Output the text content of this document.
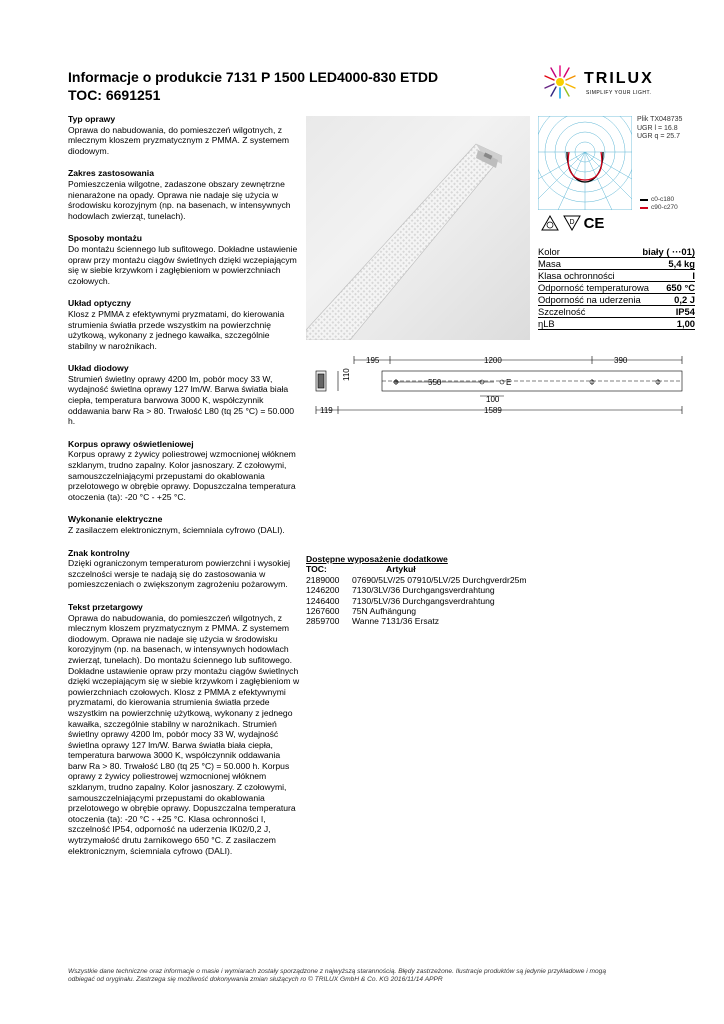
Informacje o produkcie 7131 P 1500 LED4000-830 ETDD
TOC: 6691251
TRILUX
SIMPLIFY YOUR LIGHT.
Typ oprawy

Oprawa do nabudowania, do pomieszczeń wilgotnych, z mlecznym kloszem pryzmatycznym z PMMA. Z systemem diodowym.

Zakres zastosowania

Pomieszczenia wilgotne, zadaszone obszary zewnętrzne nienarażone na opady. Oprawa nie nadaje się użycia w środowisku korozyjnym (np. na basenach, w intensywnych hodowlach zwierząt, tunelach).

Sposoby montażu

Do montażu ściennego lub sufitowego. Dokładne ustawienie opraw przy montażu ciągów świetlnych dzięki wczepiającym się w siebie krzywkom i zagłębieniom w powierzchniach czołowych.

Układ optyczny

Klosz z PMMA z efektywnymi pryzmatami, do kierowania strumienia światła przede wszystkim na powierzchnię użytkową, wykonany z jednego kawałka, szczególnie stabilny w narożnikach.

Układ diodowy

Strumień świetlny oprawy 4200 lm, pobór mocy 33 W, wydajność świetlna oprawy 127 lm/W. Barwa światła biała ciepła, temperatura barwowa 3000 K, współczynnik oddawania barw Ra > 80. Trwałość L80 (tq 25 °C) = 50.000 h.

Korpus oprawy oświetleniowej

Korpus oprawy z żywicy poliestrowej wzmocnionej włóknem szklanym, trudno zapalny. Kolor jasnoszary. Z czołowymi, samouszczelniającymi przepustami do okablowania przelotowego w obrębie oprawy. Dopuszczalna temperatura otoczenia (ta): -20 °C - +25 °C.

Wykonanie elektryczne

Z zasilaczem elektronicznym, ściemniala cyfrowo (DALI).

Znak kontrolny

Dzięki ograniczonym temperaturom powierzchni i wysokiej szczelności wersje te nadają się do zastosowania w pomieszczeniach o zwiększonym zagrożeniu pożarowym.

Tekst przetargowy

Oprawa do nabudowania, do pomieszczeń wilgotnych, z mlecznym kloszem pryzmatycznym z PMMA. Z systemem diodowym. Oprawa nie nadaje się użycia w środowisku korozyjnym (np. na basenach, w intensywnych hodowlach zwierząt, tunelach). Do montażu ściennego lub sufitowego. Dokładne ustawienie opraw przy montażu ciągów świetlnych dzięki wczepiającym się w siebie krzywkom i zagłębieniom w powierzchniach czołowych. Klosz z PMMA z efektywnymi pryzmatami, do kierowania strumienia światła przede wszystkim na powierzchnię użytkową, wykonany z jednego kawałka, szczególnie stabilny w narożnikach. Strumień świetlny oprawy 4200 lm, pobór mocy 33 W, wydajność świetlna oprawy 127 lm/W. Barwa światła biała ciepła, temperatura barwowa 3000 K, współczynnik oddawania barw Ra > 80. Trwałość L80 (tq 25 °C) = 50.000 h. Korpus oprawy z żywicy poliestrowej wzmocnionej włóknem szklanym, trudno zapalny. Kolor jasnoszary. Z czołowymi, samouszczelniającymi przepustami do okablowania przelotowego w obrębie oprawy. Dopuszczalna temperatura otoczenia (ta): -20 °C - +25 °C. Klasa ochronności I, szczelność IP54, odporność na uderzenia IK02/0,2 J, wytrzymałość drutu żarnikowego 650 °C. Z zasilaczem elektronicznym, ściemniala cyfrowo (DALI).

Plik TX048735
UGR l = 16.8
UGR q = 25.7
c0-c180
c90-c270
D CE
Kolor	biały ( ···01)
Masa	5,4 kg
Klasa ochronności	I
Odporność temperaturowa 650 °C
Odporność na uderzenia	0,2 J
Szczelność	IP54
ηLB	1,00
195	1200	390
550	E
100
119	1589
110
Dostępne wyposażenie dodatkowe
TOC:	Artykuł
2189000	07690/5LV/25 07910/5LV/25 Durchgverdr25m
1246200	7130/3LV/36 Durchgangsverdrahtung
1246400	7130/5LV/36 Durchgangsverdrahtung
1267600	75N Aufhängung
2859700	Wanne 7131/36 Ersatz
Wszystkie dane techniczne oraz informacje o masie i wymiarach zostały sporządzone z najwyższą starannością. Błędy zastrzeżone. Ilustracje produktów są jedynie przykładowe i mogą
odbiegać od oryginału. Zastrzega się możliwość dokonywania zmian służących ro © TRILUX GmbH & Co. KG 2016/11/14 APPR
